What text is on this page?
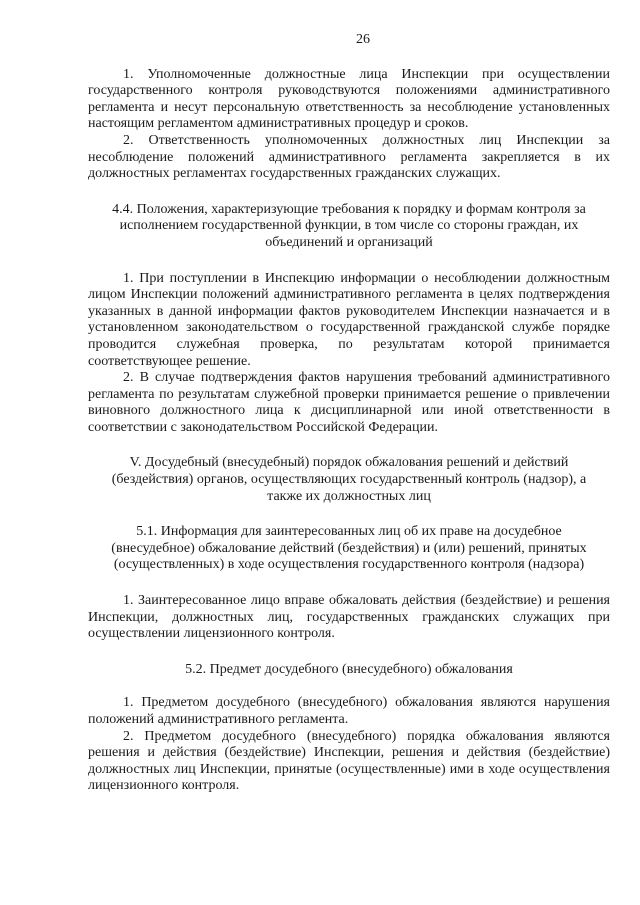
26

1. Уполномоченные должностные лица Инспекции при осуществлении государственного контроля руководствуются положениями административного регламента и несут персональную ответственность за несоблюдение установленных настоящим регламентом административных процедур и сроков.

2. Ответственность уполномоченных должностных лиц Инспекции за несоблюдение положений административного регламента закрепляется в их должностных регламентах государственных гражданских служащих.

4.4. Положения, характеризующие требования к порядку и формам контроля за исполнением государственной функции, в том числе со стороны граждан, их объединений и организаций

1. При поступлении в Инспекцию информации о несоблюдении должностным лицом Инспекции положений административного регламента в целях подтверждения указанных в данной информации фактов руководителем Инспекции назначается и в установленном законодательством о государственной гражданской службе порядке проводится служебная проверка, по результатам которой принимается соответствующее решение.

2. В случае подтверждения фактов нарушения требований административного регламента по результатам служебной проверки принимается решение о привлечении виновного должностного лица к дисциплинарной или иной ответственности в соответствии с законодательством Российской Федерации.

V. Досудебный (внесудебный) порядок обжалования решений и действий (бездействия) органов, осуществляющих государственный контроль (надзор), а также их должностных лиц

5.1. Информация для заинтересованных лиц об их праве на досудебное (внесудебное) обжалование действий (бездействия) и (или) решений, принятых (осуществленных) в ходе осуществления государственного контроля (надзора)

1. Заинтересованное лицо вправе обжаловать действия (бездействие) и решения Инспекции, должностных лиц, государственных гражданских служащих при осуществлении лицензионного контроля.

5.2. Предмет досудебного (внесудебного) обжалования

1. Предметом досудебного (внесудебного) обжалования являются нарушения положений административного регламента.

2. Предметом досудебного (внесудебного) порядка обжалования являются решения и действия (бездействие) Инспекции, решения и действия (бездействие) должностных лиц Инспекции, принятые (осуществленные) ими в ходе осуществления лицензионного контроля.
